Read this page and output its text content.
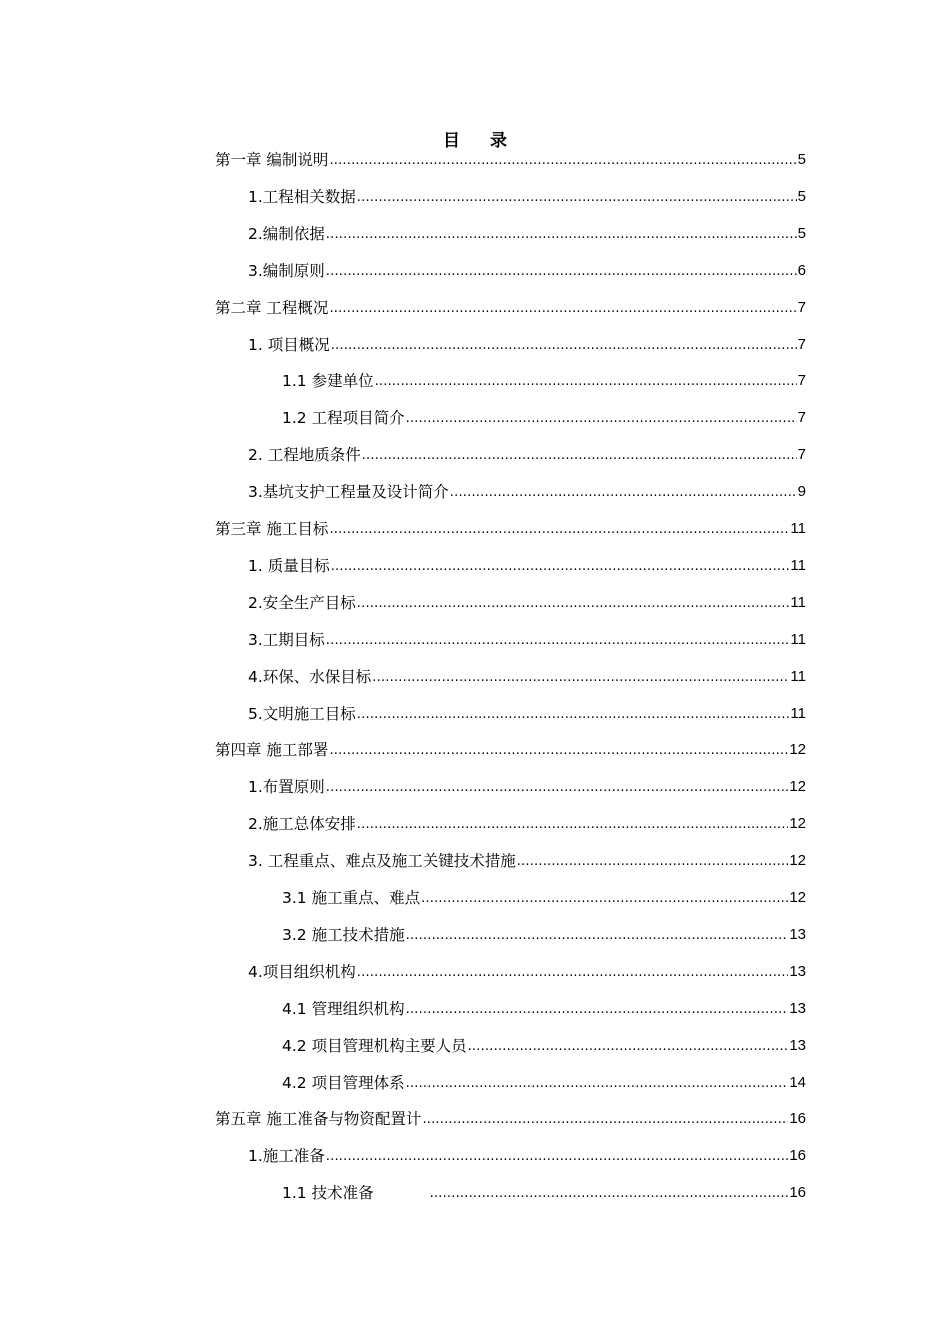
目 录
第一章 编制说明 .....	5
1.工程相关数据 .....	5
2.编制依据 .....	5
3.编制原则 .....	6
第二章 工程概况 .....	7
1. 项目概况 .....	7
1.1 参建单位 .....	7
1.2 工程项目简介 .....	7
2. 工程地质条件 .....	7
3.基坑支护工程量及设计简介 .....	9
第三章 施工目标 .....	11
1. 质量目标 .....	11
2.安全生产目标 .....	11
3.工期目标 .....	11
4.环保、水保目标 .....	11
5.文明施工目标 .....	11
第四章 施工部署 .....	12
1.布置原则 .....	12
2.施工总体安排 .....	12
3. 工程重点、难点及施工关键技术措施 .....	12
3.1 施工重点、难点 .....	12
3.2 施工技术措施 .....	13
4.项目组织机构 .....	13
4.1 管理组织机构 .....	13
4.2 项目管理机构主要人员 .....	13
4.2 项目管理体系 .....	14
第五章 施工准备与物资配置计 .....	16
1.施工准备 .....	16
1.1 技术准备 .....	16
